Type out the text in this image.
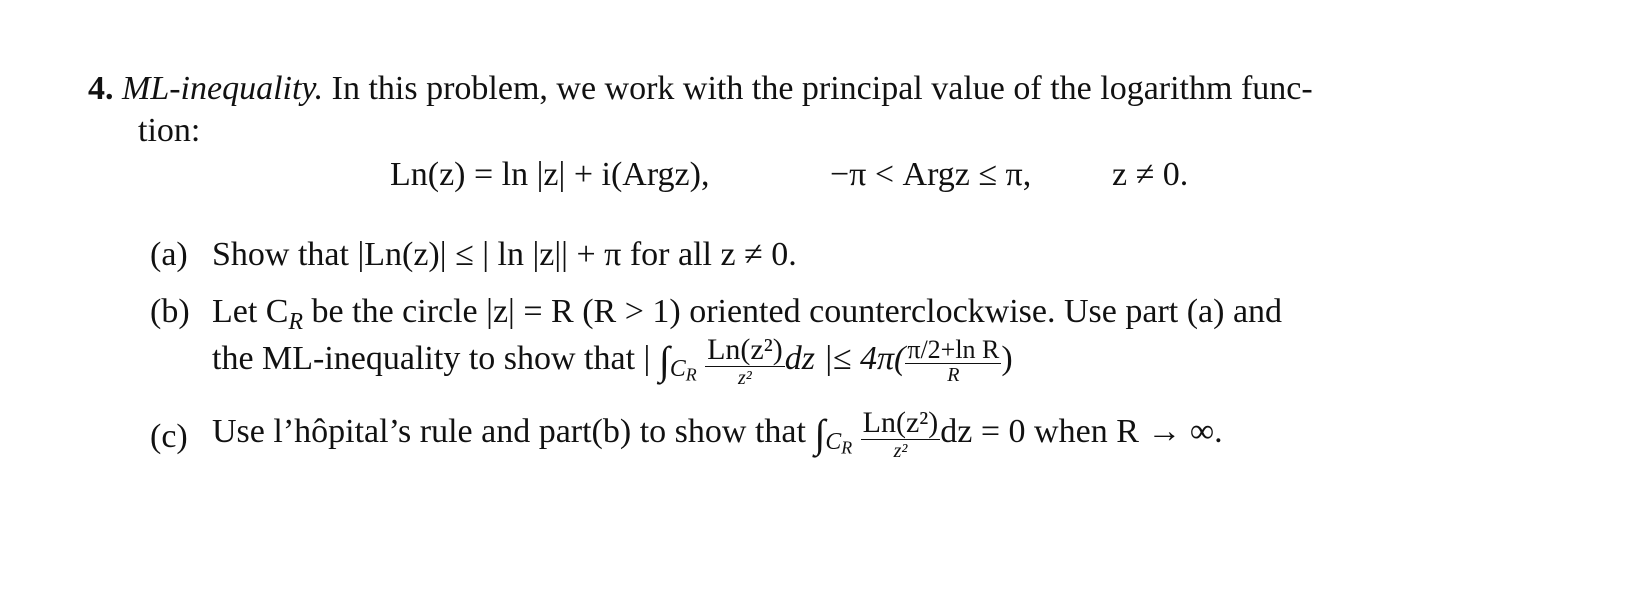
4. ML-inequality. In this problem, we work with the principal value of the logarithm func-
tion:
Ln(z) = ln |z| + i(Argz),	−π < Argz ≤ π, z ≠ 0.
(a) Show that |Ln(z)| ≤ | ln |z|| + π for all z ≠ 0.
(b) Let $C_R$ be the circle |z| = R (R > 1) oriented counterclockwise. Use part (a) and
the ML-inequality to show that | $\int_{CR} \frac{\text{Ln(z²)}}{\text{z²}}$ dz |≤ $4\pi( \frac{\text{π/2+ln R}}{R}$ )
(c) Use l’hôpital’s rule and part(b) to show that $\int_{CR} \frac{\text{Ln(z²)}}{\text{z²}}$ dz = 0 when R → ∞.
